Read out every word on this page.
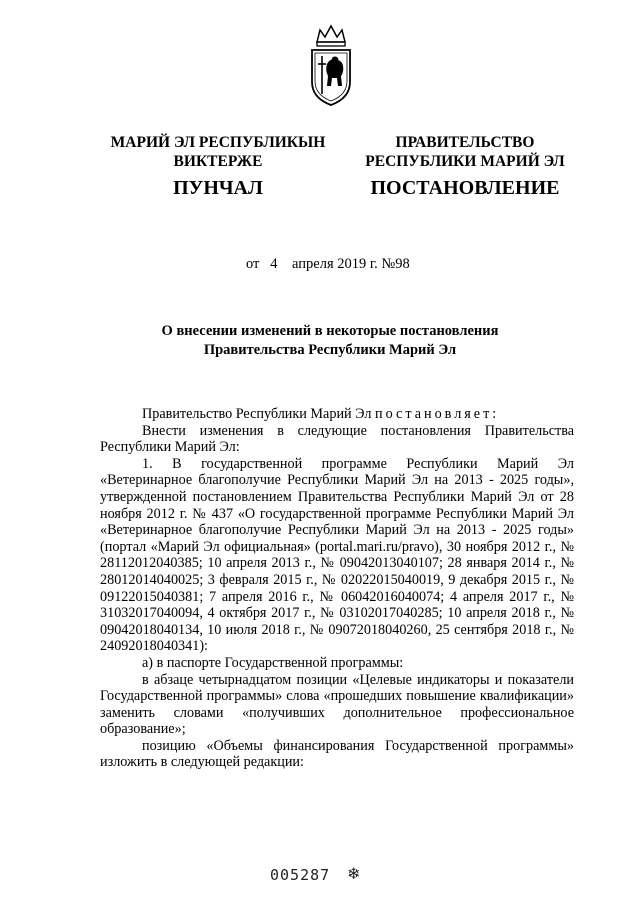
МАРИЙ ЭЛ РЕСПУБЛИКЫН
ВИКТЕРЖЕ
ПРАВИТЕЛЬСТВО
РЕСПУБЛИКИ МАРИЙ ЭЛ
ПУНЧАЛ	ПОСТАНОВЛЕНИЕ
от   4    апреля 2019 г. №98
О внесении изменений в некоторые постановления
Правительства Республики Марий Эл

Правительство Республики Марий Эл постановляет:

Внести изменения в следующие постановления Правительства Республики Марий Эл:

1. В государственной программе Республики Марий Эл «Ветеринарное благополучие Республики Марий Эл на 2013 - 2025 годы», утвержденной постановлением Правительства Республики Марий Эл от 28 ноября 2012 г. № 437 «О государственной программе Республики Марий Эл «Ветеринарное благополучие Республики Марий Эл на 2013 - 2025 годы» (портал «Марий Эл официальная» (portal.mari.ru/pravo), 30 ноября 2012 г., № 28112012040385; 10 апреля 2013 г., № 09042013040107; 28 января 2014 г., № 28012014040025; 3 февраля 2015 г., № 02022015040019, 9 декабря 2015 г., № 09122015040381; 7 апреля 2016 г., № 06042016040074; 4 апреля 2017 г., № 31032017040094, 4 октября 2017 г., № 03102017040285; 10 апреля 2018 г., № 09042018040134, 10 июля 2018 г., № 09072018040260, 25 сентября 2018 г., № 24092018040341):

а) в паспорте Государственной программы:

в абзаце четырнадцатом позиции «Целевые индикаторы и показатели Государственной программы» слова «прошедших повышение квалификации» заменить словами «получивших дополнительное профессиональное образование»;

позицию «Объемы финансирования Государственной программы» изложить в следующей редакции:

005287 ❄
